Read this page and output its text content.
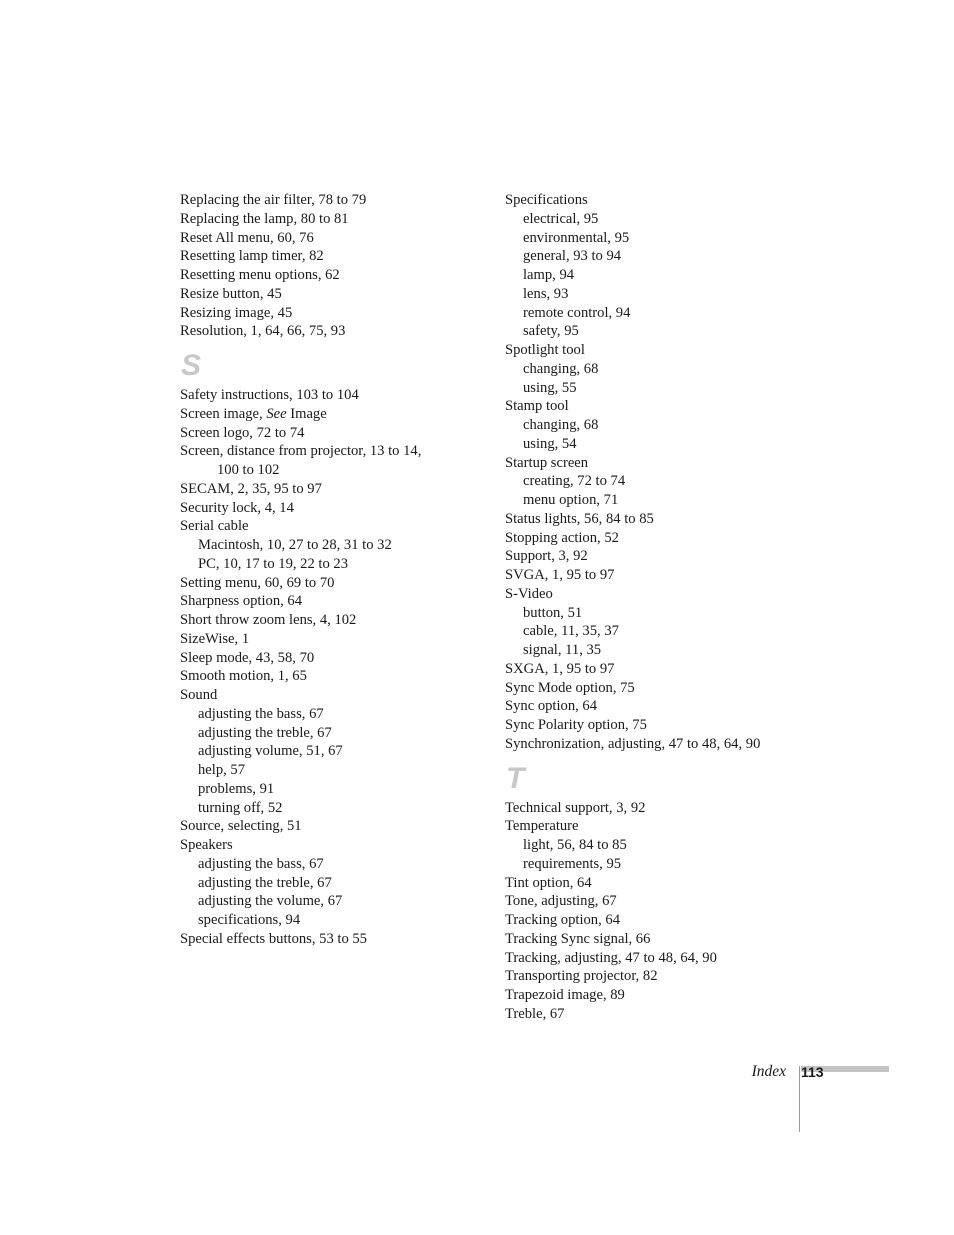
Replacing the air filter, 78 to 79
Replacing the lamp, 80 to 81
Reset All menu, 60, 76
Resetting lamp timer, 82
Resetting menu options, 62
Resize button, 45
Resizing image, 45
Resolution, 1, 64, 66, 75, 93
S
Safety instructions, 103 to 104
Screen image, See Image
Screen logo, 72 to 74
Screen, distance from projector, 13 to 14,
100 to 102
SECAM, 2, 35, 95 to 97
Security lock, 4, 14
Serial cable
Macintosh, 10, 27 to 28, 31 to 32
PC, 10, 17 to 19, 22 to 23
Setting menu, 60, 69 to 70
Sharpness option, 64
Short throw zoom lens, 4, 102
SizeWise, 1
Sleep mode, 43, 58, 70
Smooth motion, 1, 65
Sound
adjusting the bass, 67
adjusting the treble, 67
adjusting volume, 51, 67
help, 57
problems, 91
turning off, 52
Source, selecting, 51
Speakers
adjusting the bass, 67
adjusting the treble, 67
adjusting the volume, 67
specifications, 94
Special effects buttons, 53 to 55
Specifications
electrical, 95
environmental, 95
general, 93 to 94
lamp, 94
lens, 93
remote control, 94
safety, 95
Spotlight tool
changing, 68
using, 55
Stamp tool
changing, 68
using, 54
Startup screen
creating, 72 to 74
menu option, 71
Status lights, 56, 84 to 85
Stopping action, 52
Support, 3, 92
SVGA, 1, 95 to 97
S-Video
button, 51
cable, 11, 35, 37
signal, 11, 35
SXGA, 1, 95 to 97
Sync Mode option, 75
Sync option, 64
Sync Polarity option, 75
Synchronization, adjusting, 47 to 48, 64, 90
T
Technical support, 3, 92
Temperature
light, 56, 84 to 85
requirements, 95
Tint option, 64
Tone, adjusting, 67
Tracking option, 64
Tracking Sync signal, 66
Tracking, adjusting, 47 to 48, 64, 90
Transporting projector, 82
Trapezoid image, 89
Treble, 67
Index 113
